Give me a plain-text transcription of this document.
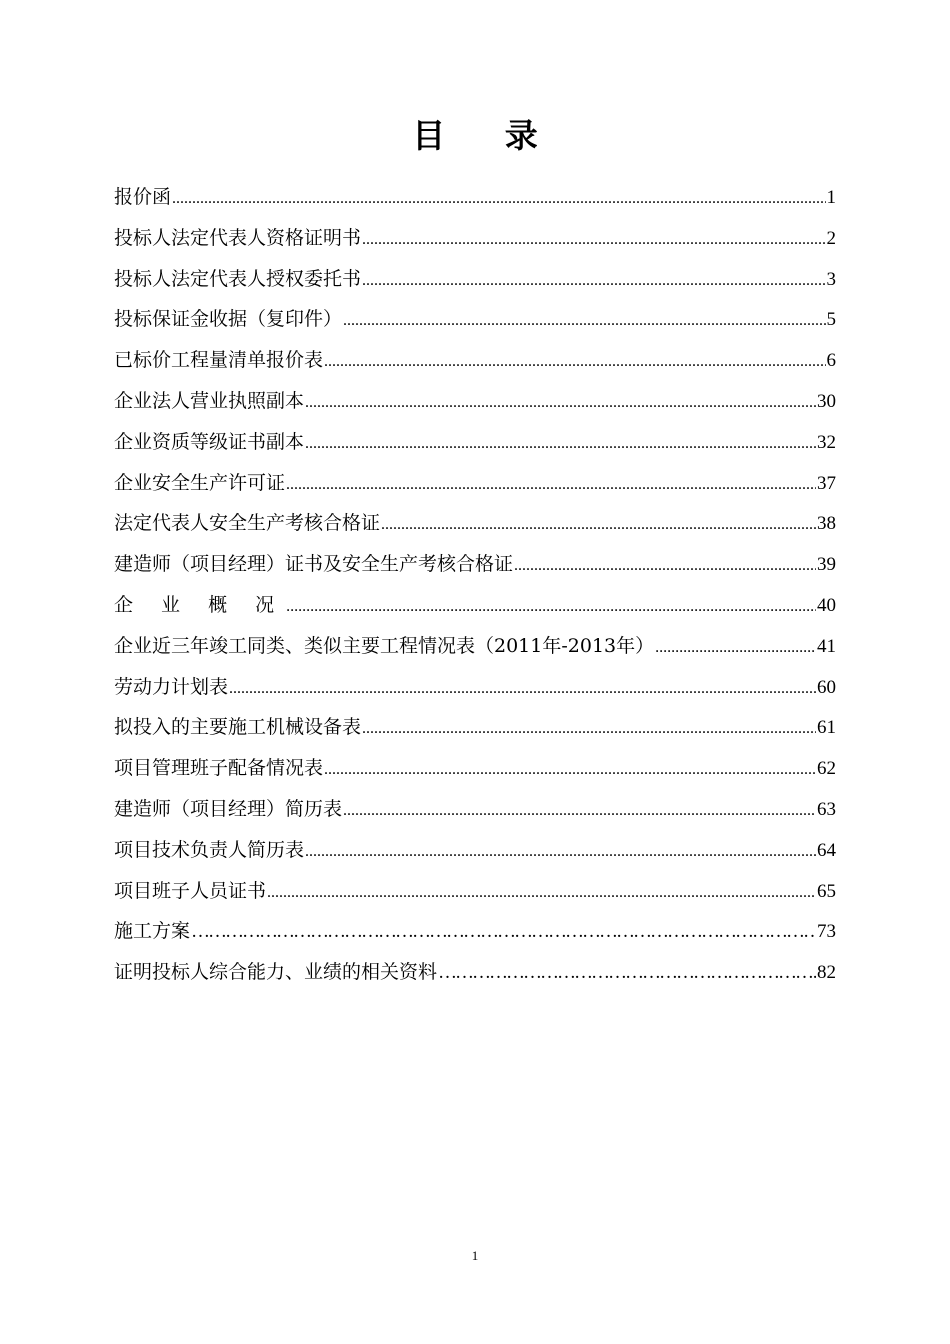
目 录
报价函 .....	1
投标人法定代表人资格证明书 .....	2
投标人法定代表人授权委托书 .....	3
投标保证金收据（复印件） .....	5
已标价工程量清单报价表 .....	6
企业法人营业执照副本 .....	30
企业资质等级证书副本 .....	32
企业安全生产许可证 .....	37
法定代表人安全生产考核合格证 .....	38
建造师（项目经理）证书及安全生产考核合格证 .....	39
企 业 概 况 .....	40
企业近三年竣工同类、类似主要工程情况表（2011年-2013年） .....	41
劳动力计划表 .....	60
拟投入的主要施工机械设备表 .....	61
项目管理班子配备情况表 .....	62
建造师（项目经理）简历表 .....	63
项目技术负责人简历表 .....	64
项目班子人员证书 .....	65
施工方案 …………………………………………………………………………………………………………………………………………	73
证明投标人综合能力、业绩的相关资料 …………………………………………………………………………………………………………………………………………	82
1
